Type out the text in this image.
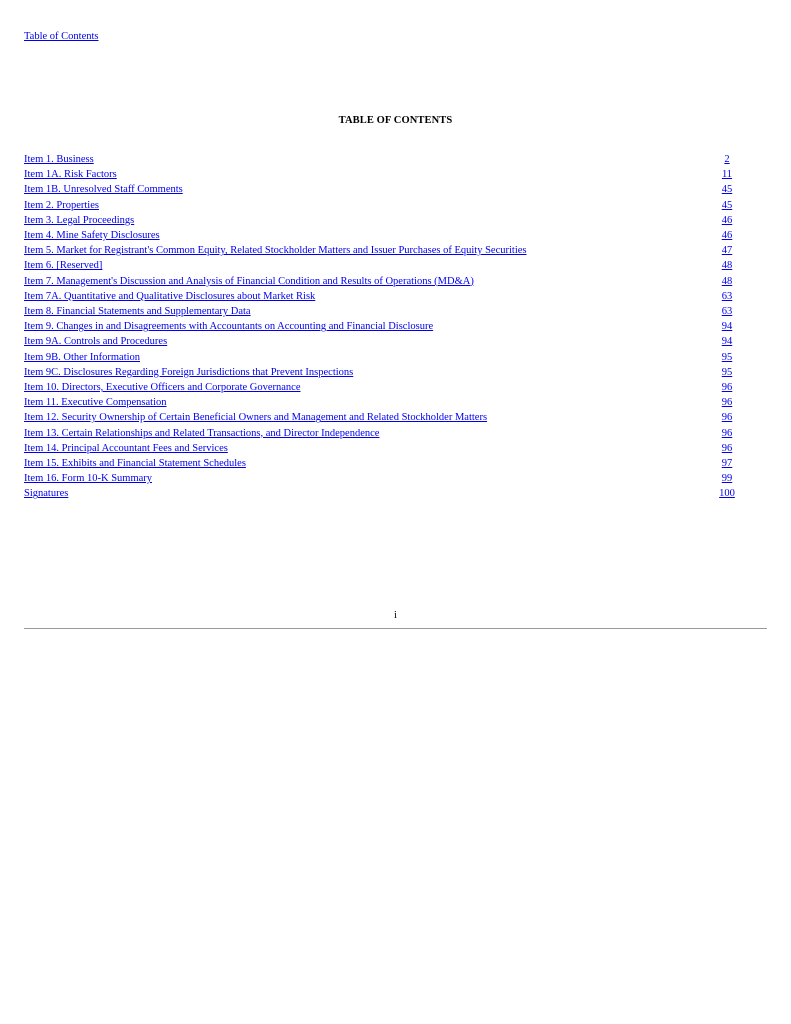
Table of Contents
TABLE OF CONTENTS
Item 1. Business	2
Item 1A. Risk Factors	11
Item 1B. Unresolved Staff Comments	45
Item 2. Properties	45
Item 3. Legal Proceedings	46
Item 4. Mine Safety Disclosures	46
Item 5. Market for Registrant's Common Equity, Related Stockholder Matters and Issuer Purchases of Equity Securities	47
Item 6. [Reserved]	48
Item 7. Management's Discussion and Analysis of Financial Condition and Results of Operations (MD&A)	48
Item 7A. Quantitative and Qualitative Disclosures about Market Risk	63
Item 8. Financial Statements and Supplementary Data	63
Item 9. Changes in and Disagreements with Accountants on Accounting and Financial Disclosure	94
Item 9A. Controls and Procedures	94
Item 9B. Other Information	95
Item 9C. Disclosures Regarding Foreign Jurisdictions that Prevent Inspections	95
Item 10. Directors, Executive Officers and Corporate Governance	96
Item 11. Executive Compensation	96
Item 12. Security Ownership of Certain Beneficial Owners and Management and Related Stockholder Matters	96
Item 13. Certain Relationships and Related Transactions, and Director Independence	96
Item 14. Principal Accountant Fees and Services	96
Item 15. Exhibits and Financial Statement Schedules	97
Item 16. Form 10-K Summary	99
Signatures	100
i
